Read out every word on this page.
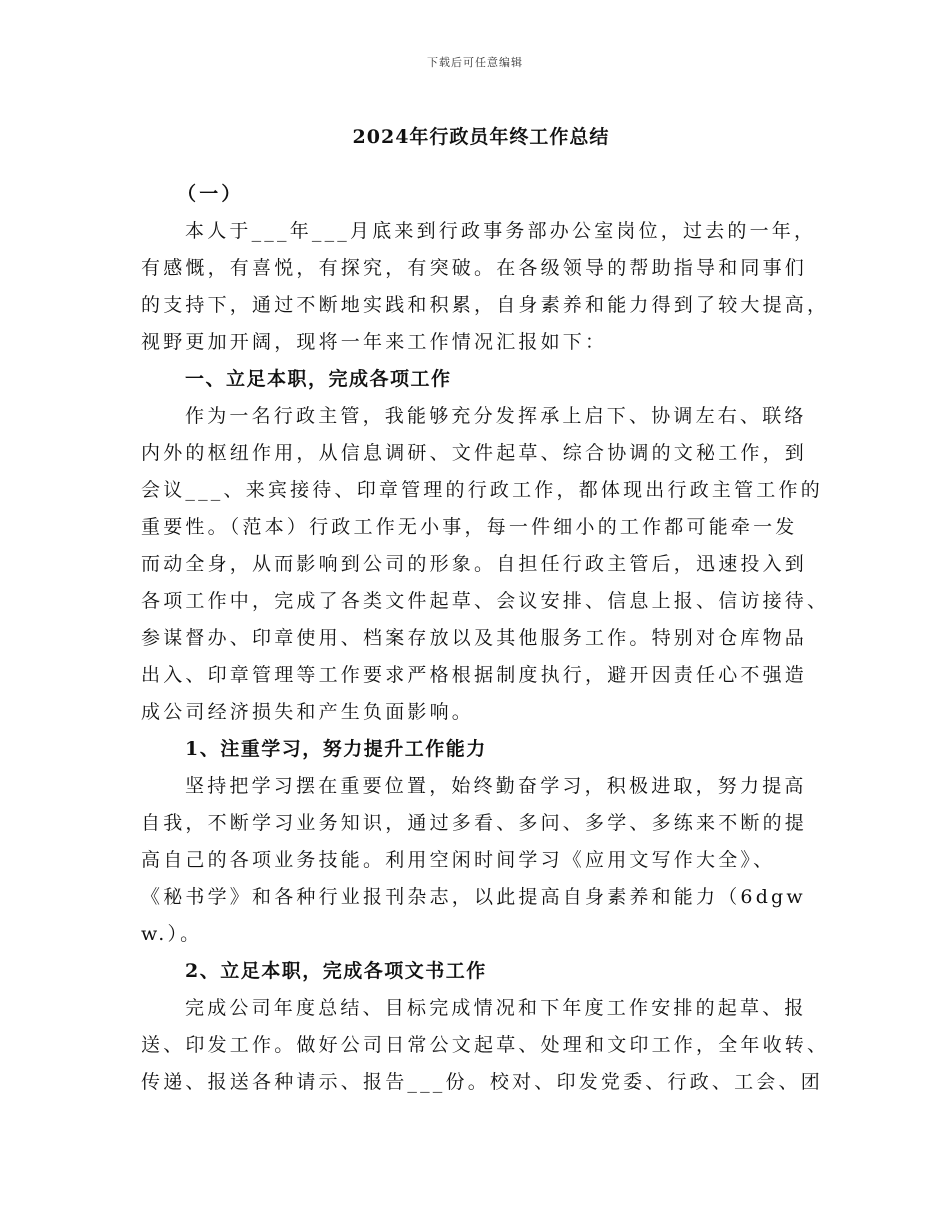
下载后可任意编辑
2024年行政员年终工作总结
（一）
本人于___年___月底来到行政事务部办公室岗位，过去的一年，
有感慨，有喜悦，有探究，有突破。在各级领导的帮助指导和同事们
的支持下，通过不断地实践和积累，自身素养和能力得到了较大提高，
视野更加开阔，现将一年来工作情况汇报如下：
一、立足本职，完成各项工作
作为一名行政主管，我能够充分发挥承上启下、协调左右、联络
内外的枢纽作用，从信息调研、文件起草、综合协调的文秘工作，到
会议___、来宾接待、印章管理的行政工作，都体现出行政主管工作的
重要性。（范本）行政工作无小事，每一件细小的工作都可能牵一发
而动全身，从而影响到公司的形象。自担任行政主管后，迅速投入到
各项工作中，完成了各类文件起草、会议安排、信息上报、信访接待、
参谋督办、印章使用、档案存放以及其他服务工作。特别对仓库物品
出入、印章管理等工作要求严格根据制度执行，避开因责任心不强造
成公司经济损失和产生负面影响。
1、注重学习，努力提升工作能力
坚持把学习摆在重要位置，始终勤奋学习，积极进取，努力提高
自我，不断学习业务知识，通过多看、多问、多学、多练来不断的提
高自己的各项业务技能。利用空闲时间学习《应用文写作大全》、
《秘书学》和各种行业报刊杂志，以此提高自身素养和能力（6dgw
w.）。
2、立足本职，完成各项文书工作
完成公司年度总结、目标完成情况和下年度工作安排的起草、报
送、印发工作。做好公司日常公文起草、处理和文印工作，全年收转、
传递、报送各种请示、报告___份。校对、印发党委、行政、工会、团
